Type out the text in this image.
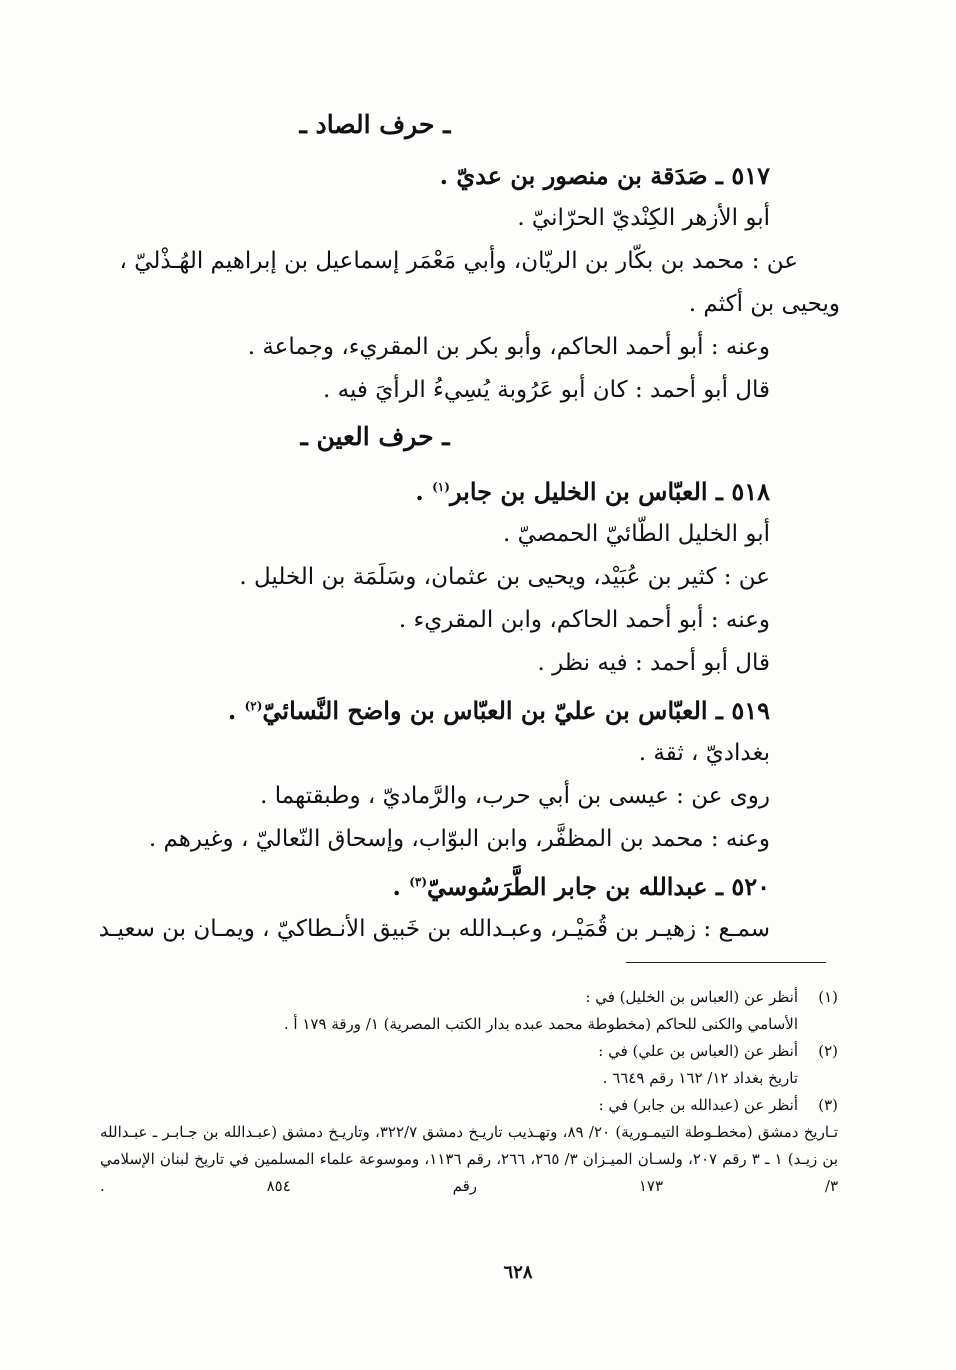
ـ حرف الصاد ـ

٥١٧ ـ صَدَقة بن منصور بن عديّ .

أبو الأزهر الكِنْديّ الحرّانيّ .

عن : محمد بن بكّار بن الريّان، وأبي مَعْمَر إسماعيل بن إبراهيم الهُـذْليّ ،

ويحيى بن أكثم .

وعنه : أبو أحمد الحاكم، وأبو بكر بن المقريء، وجماعة .

قال أبو أحمد : كان أبو عَرُوبة يُسِيءُ الرأيَ فيه .

ـ حرف العين ـ

٥١٨ ـ العبّاس بن الخليل بن جابر$^{(١)}$ .

أبو الخليل الطّائيّ الحمصيّ .

عن : كثير بن عُبَيْد، ويحيى بن عثمان، وسَلَمَة بن الخليل .

وعنه : أبو أحمد الحاكم، وابن المقريء .

قال أبو أحمد : فيه نظر .

٥١٩ ـ العبّاس بن عليّ بن العبّاس بن واضح النَّسائيّ$^{(٢)}$ .

بغداديّ ، ثقة .

روى عن : عيسى بن أبي حرب، والرَّماديّ ، وطبقتهما .

وعنه : محمد بن المظفَّر، وابن البوّاب، وإسحاق النّعاليّ ، وغيرهم .

٥٢٠ ـ عبدالله بن جابر الطَّرَسُوسيّ$^{(٣)}$ .

سمـع : زهيـر بن قُمَيْـر، وعبـدالله بن خَبيق الأنـطاكيّ ، ويمـان بن سعيـد

(١)

أنظر عن (العباس بن الخليل) في :

الأسامي والكنى للحاكم (مخطوطة محمد عبده بدار الكتب المصرية) ١/ ورقة ١٧٩ أ .

(٢)

أنظر عن (العباس بن علي) في :

تاريخ بغداد ١٢/ ١٦٢ رقم ٦٦٤٩ .

(٣)

أنظر عن (عبدالله بن جابر) في :

تـاريخ دمشق (مخطـوطة التيمـورية) ٢٠/ ٨٩، وتهـذيب تاريـخ دمشق ٣٢٢/٧، وتاريـخ دمشق (عبـدالله بن جـابـر ـ عبـدالله بن زيـد) ١ ـ ٣ رقم ٢٠٧، ولسـان الميـزان ٣/ ٢٦٥، ٢٦٦، رقم ١١٣٦، وموسوعة علماء المسلمين في تاريخ لبنان الإسلامي ٣/ ١٧٣ رقم ٨٥٤ .

٦٢٨
